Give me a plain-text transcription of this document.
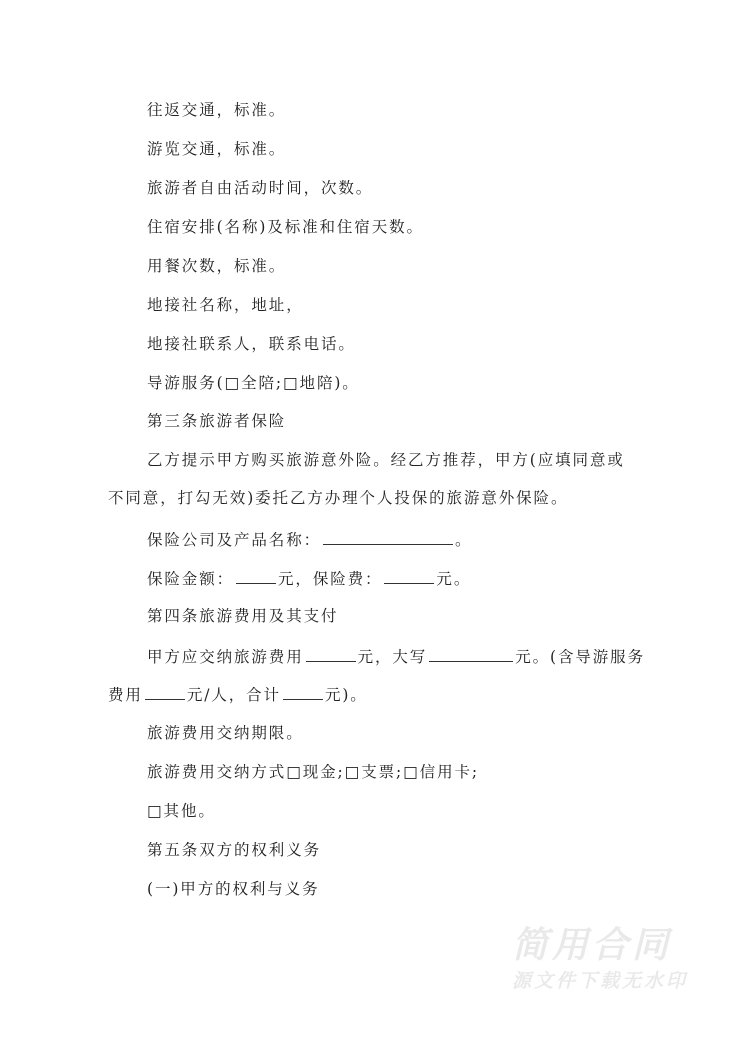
往返交通，标准。
游览交通，标准。
旅游者自由活动时间，次数。
住宿安排(名称)及标准和住宿天数。
用餐次数，标准。
地接社名称，地址，
地接社联系人，联系电话。
导游服务(□全陪;□地陪)。
第三条旅游者保险
乙方提示甲方购买旅游意外险。经乙方推荐，甲方(应填同意或
不同意，打勾无效)委托乙方办理个人投保的旅游意外保险。
保险公司及产品名称：	。
保险金额：	元，保险费：	元。
第四条旅游费用及其支付
甲方应交纳旅游费用	元，大写	元。(含导游服务
费用	元/人，合计	元)。
旅游费用交纳期限。
旅游费用交纳方式□现金;□支票;□信用卡;
□其他。
第五条双方的权利义务
(一)甲方的权利与义务
简用合同
源文件下载无水印
